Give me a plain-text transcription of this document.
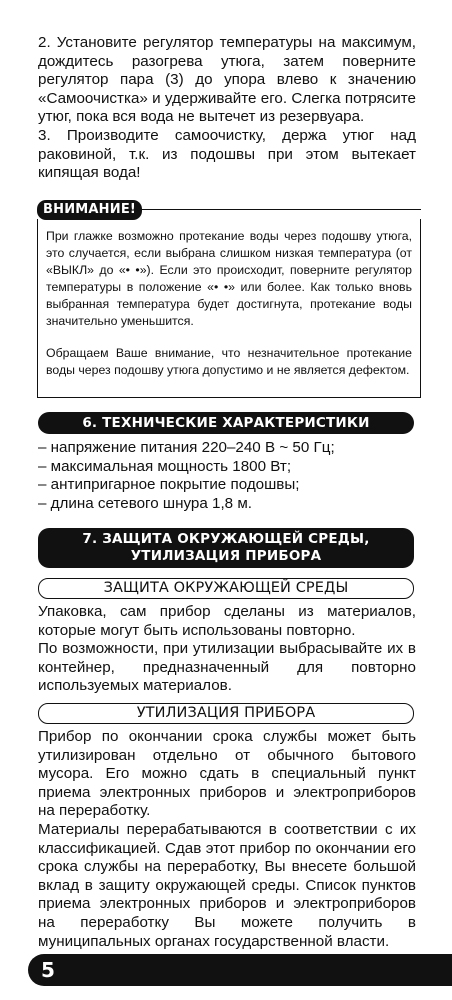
2. Установите регулятор температуры на максимум, дождитесь разогрева утюга, затем поверните регулятор пара (3) до упора влево к значению «Самоочистка» и удерживайте его. Слегка потрясите утюг, пока вся вода не вытечет из резервуара.

3. Производите самоочистку, держа утюг над раковиной, т.к. из подошвы при этом вытекает кипящая вода!

ВНИМАНИЕ!

При глажке возможно протекание воды через подошву утюга, это случается, если выбрана слишком низкая температура (от «ВЫКЛ» до «• •»). Если это происходит, поверните регулятор температуры в положение «• •» или более. Как только вновь выбранная температура будет достигнута, протекание воды значительно уменьшится.

Обращаем Ваше внимание, что незначительное протекание воды через подошву утюга допустимо и не является дефектом.

6. ТЕХНИЧЕСКИЕ ХАРАКТЕРИСТИКИ
– напряжение питания 220–240 В ~ 50 Гц;
– максимальная мощность 1800 Вт;
– антипригарное покрытие подошвы;
– длина сетевого шнура 1,8 м.
7. ЗАЩИТА ОКРУЖАЮЩЕЙ СРЕДЫ,
УТИЛИЗАЦИЯ ПРИБОРА
ЗАЩИТА ОКРУЖАЮЩЕЙ СРЕДЫ

Упаковка, сам прибор сделаны из материалов, которые могут быть использованы повторно.

По возможности, при утилизации выбрасывайте их в контейнер, предназначенный для повторно используемых материалов.

УТИЛИЗАЦИЯ ПРИБОРА

Прибор по окончании срока службы может быть утилизирован отдельно от обычного бытового мусора. Его можно сдать в специальный пункт приема электронных приборов и электроприборов на переработку.

Материалы перерабатываются в соответствии с их классификацией. Сдав этот прибор по окончании его срока службы на переработку, Вы внесете большой вклад в защиту окружающей среды. Список пунктов приема электронных приборов и электроприборов на переработку Вы можете получить в муниципальных органах государственной власти.

5
